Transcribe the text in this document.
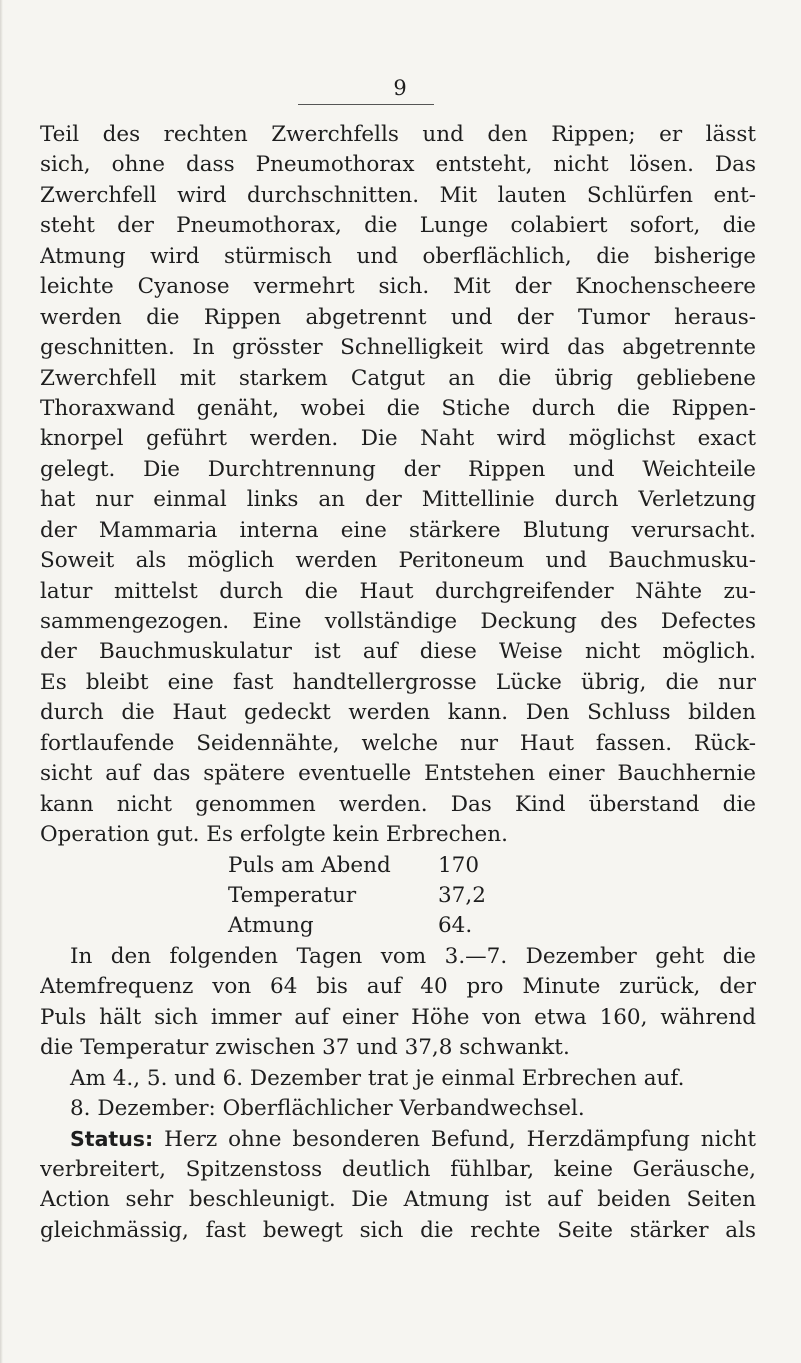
9
Teil des rechten Zwerchfells und den Rippen; er lässt
sich, ohne dass Pneumothorax entsteht, nicht lösen. Das
Zwerchfell wird durchschnitten. Mit lauten Schlürfen ent-
steht der Pneumothorax, die Lunge colabiert sofort, die
Atmung wird stürmisch und oberflächlich, die bisherige
leichte Cyanose vermehrt sich. Mit der Knochenscheere
werden die Rippen abgetrennt und der Tumor heraus-
geschnitten. In grösster Schnelligkeit wird das abgetrennte
Zwerchfell mit starkem Catgut an die übrig gebliebene
Thoraxwand genäht, wobei die Stiche durch die Rippen-
knorpel geführt werden. Die Naht wird möglichst exact
gelegt. Die Durchtrennung der Rippen und Weichteile
hat nur einmal links an der Mittellinie durch Verletzung
der Mammaria interna eine stärkere Blutung verursacht.
Soweit als möglich werden Peritoneum und Bauchmusku-
latur mittelst durch die Haut durchgreifender Nähte zu-
sammengezogen. Eine vollständige Deckung des Defectes
der Bauchmuskulatur ist auf diese Weise nicht möglich.
Es bleibt eine fast handtellergrosse Lücke übrig, die nur
durch die Haut gedeckt werden kann. Den Schluss bilden
fortlaufende Seidennähte, welche nur Haut fassen. Rück-
sicht auf das spätere eventuelle Entstehen einer Bauchhernie
kann nicht genommen werden. Das Kind überstand die
Operation gut. Es erfolgte kein Erbrechen.
Puls am Abend	170
Temperatur	37,2
Atmung	64.
In den folgenden Tagen vom 3.—7. Dezember geht die
Atemfrequenz von 64 bis auf 40 pro Minute zurück, der
Puls hält sich immer auf einer Höhe von etwa 160, während
die Temperatur zwischen 37 und 37,8 schwankt.
Am 4., 5. und 6. Dezember trat je einmal Erbrechen auf.
8. Dezember: Oberflächlicher Verbandwechsel.
Status: Herz ohne besonderen Befund, Herzdämpfung nicht
verbreitert, Spitzenstoss deutlich fühlbar, keine Geräusche,
Action sehr beschleunigt. Die Atmung ist auf beiden Seiten
gleichmässig, fast bewegt sich die rechte Seite stärker als
